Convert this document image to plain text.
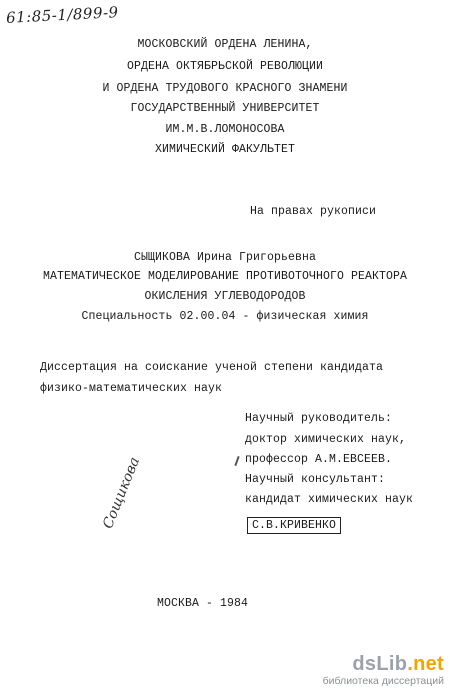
61:85-1/899-9
МОСКОВСКИЙ ОРДЕНА ЛЕНИНА,
ОРДЕНА ОКТЯБРЬСКОЙ РЕВОЛЮЦИИ
И ОРДЕНА ТРУДОВОГО КРАСНОГО ЗНАМЕНИ
ГОСУДАРСТВЕННЫЙ УНИВЕРСИТЕТ
ИМ.М.В.ЛОМОНОСОВА
ХИМИЧЕСКИЙ ФАКУЛЬТЕТ
На правах рукописи
СЫЩИКОВА Ирина Григорьевна
МАТЕМАТИЧЕСКОЕ МОДЕЛИРОВАНИЕ ПРОТИВОТОЧНОГО РЕАКТОРА
ОКИСЛЕНИЯ УГЛЕВОДОРОДОВ
Специальность 02.00.04 - физическая химия
Диссертация на соискание ученой степени кандидата
физико-математических наук
Научный руководитель:
доктор химических наук,
профессор А.М.ЕВСЕЕВ.
Научный консультант:
кандидат химических наук
С.В.КРИВЕНКО
Сощикова
МОСКВА - 1984
dsLib.net
библиотека диссертаций
